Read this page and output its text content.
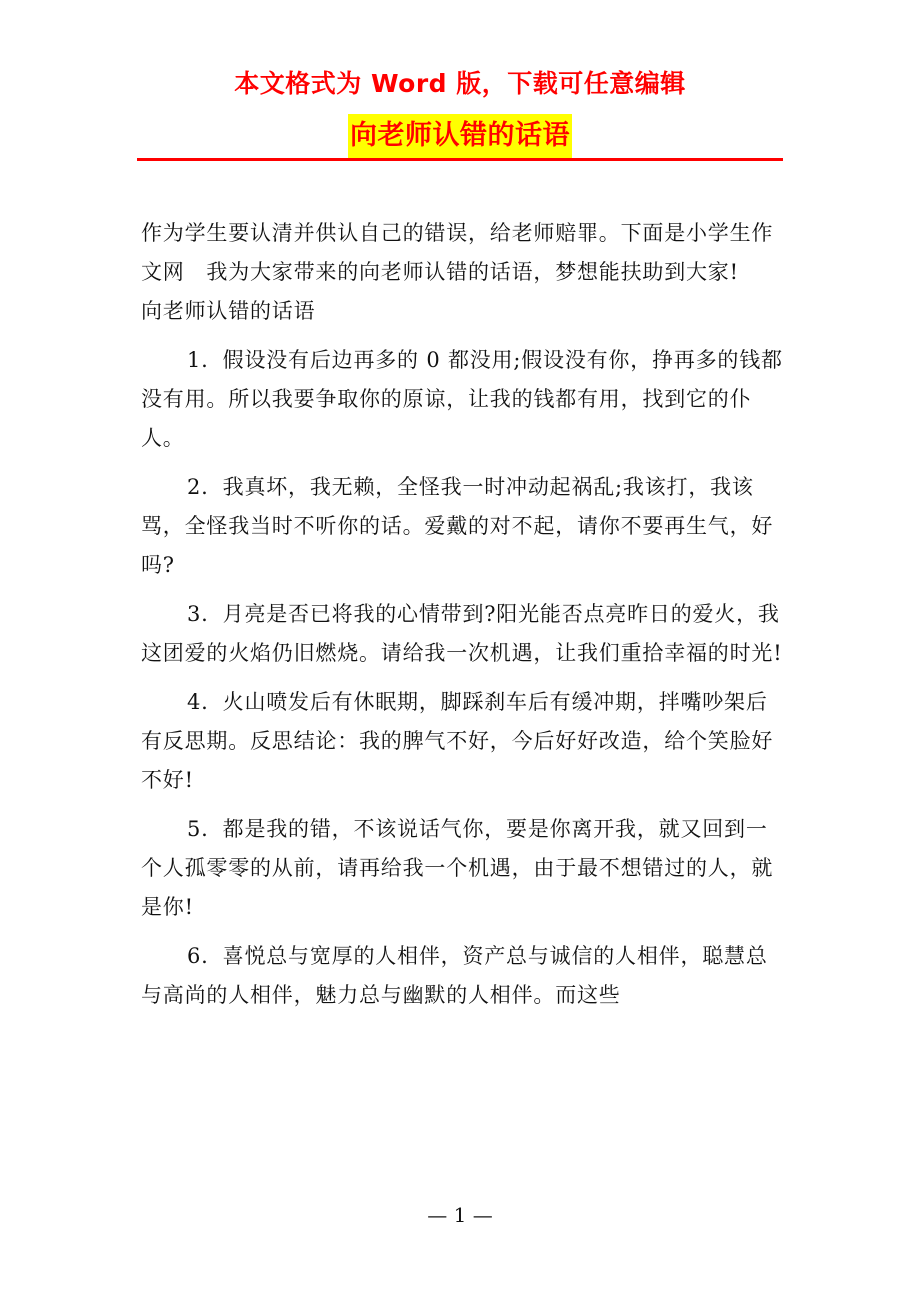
本文格式为 Word 版，下载可任意编辑
向老师认错的话语

作为学生要认清并供认自己的错误，给老师赔罪。下面是小学生作文网　我为大家带来的向老师认错的话语，梦想能扶助到大家!　　向老师认错的话语

1. 假设没有后边再多的 0 都没用;假设没有你，挣再多的钱都没有用。所以我要争取你的原谅，让我的钱都有用，找到它的仆人。

2. 我真坏，我无赖，全怪我一时冲动起祸乱;我该打，我该骂，全怪我当时不听你的话。爱戴的对不起，请你不要再生气，好吗?

3. 月亮是否已将我的心情带到?阳光能否点亮昨日的爱火，我这团爱的火焰仍旧燃烧。请给我一次机遇，让我们重拾幸福的时光!

4. 火山喷发后有休眠期，脚踩刹车后有缓冲期，拌嘴吵架后有反思期。反思结论：我的脾气不好，今后好好改造，给个笑脸好不好!

5. 都是我的错，不该说话气你，要是你离开我，就又回到一个人孤零零的从前，请再给我一个机遇，由于最不想错过的人，就是你!

6. 喜悦总与宽厚的人相伴，资产总与诚信的人相伴，聪慧总与高尚的人相伴，魅力总与幽默的人相伴。而这些

— 1 —
